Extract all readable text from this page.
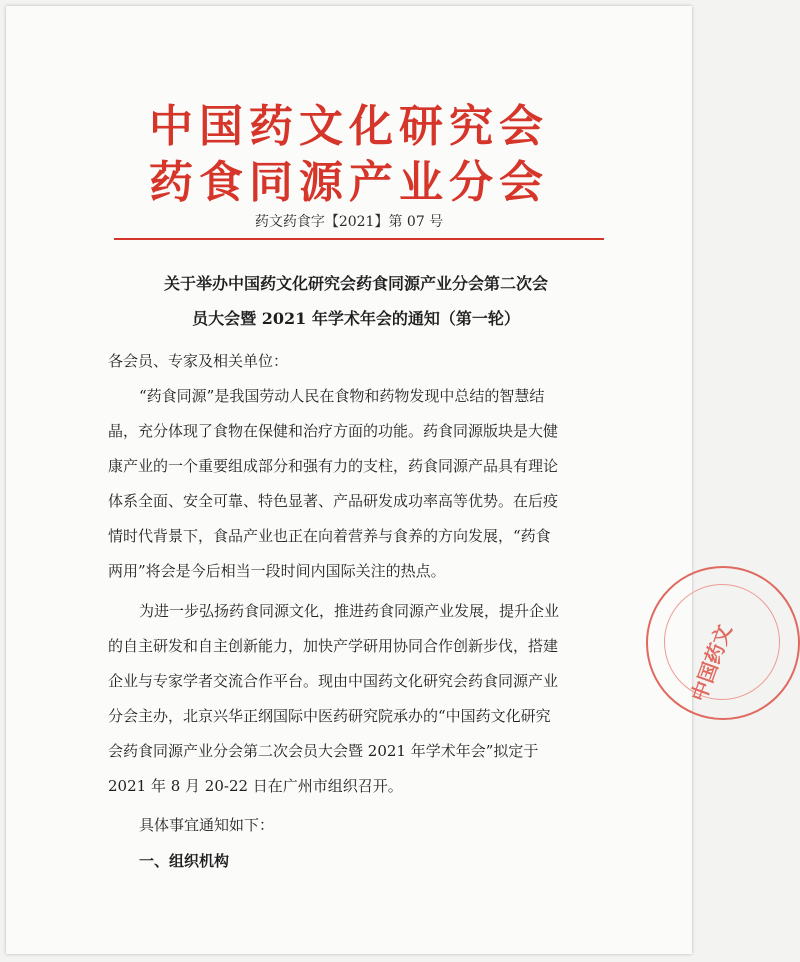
中国药文化研究会
药食同源产业分会
药文药食字【2021】第 07 号
关于举办中国药文化研究会药食同源产业分会第二次会
员大会暨 2021 年学术年会的通知（第一轮）
各会员、专家及相关单位：
“药食同源”是我国劳动人民在食物和药物发现中总结的智慧结
晶，充分体现了食物在保健和治疗方面的功能。药食同源版块是大健
康产业的一个重要组成部分和强有力的支柱，药食同源产品具有理论
体系全面、安全可靠、特色显著、产品研发成功率高等优势。在后疫
情时代背景下，食品产业也正在向着营养与食养的方向发展，“药食
两用”将会是今后相当一段时间内国际关注的热点。
为进一步弘扬药食同源文化，推进药食同源产业发展，提升企业
的自主研发和自主创新能力，加快产学研用协同合作创新步伐，搭建
企业与专家学者交流合作平台。现由中国药文化研究会药食同源产业
分会主办，北京兴华正纲国际中医药研究院承办的“中国药文化研究
会药食同源产业分会第二次会员大会暨 2021 年学术年会”拟定于
2021 年 8 月 20-22 日在广州市组织召开。
具体事宜通知如下：
一、组织机构
中国药文
